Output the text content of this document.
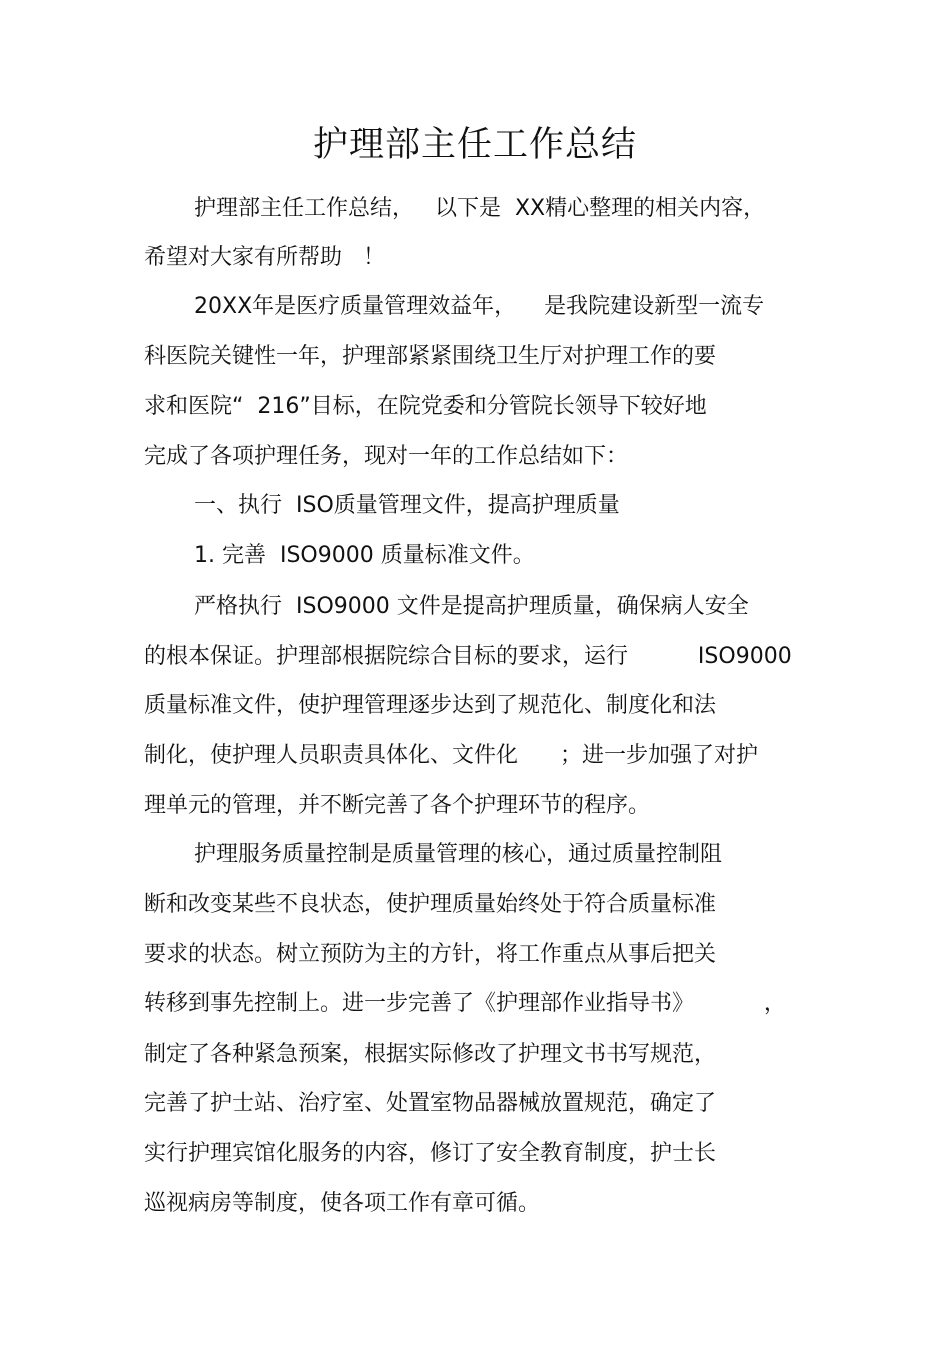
护理部主任工作总结
护理部主任工作总结，   以下是  XX精心整理的相关内容，
希望对大家有所帮助   ！
20XX年是医疗质量管理效益年，    是我院建设新型一流专
科医院关键性一年，护理部紧紧围绕卫生厅对护理工作的要
求和医院“  216”目标，在院党委和分管院长领导下较好地
完成了各项护理任务，现对一年的工作总结如下：
一、执行  ISO质量管理文件，提高护理质量
1. 完善  ISO9000 质量标准文件。
严格执行  ISO9000 文件是提高护理质量，确保病人安全
的根本保证。护理部根据院综合目标的要求，运行          ISO9000
质量标准文件，使护理管理逐步达到了规范化、制度化和法
制化，使护理人员职责具体化、文件化      ；进一步加强了对护
理单元的管理，并不断完善了各个护理环节的程序。
护理服务质量控制是质量管理的核心，通过质量控制阻
断和改变某些不良状态，使护理质量始终处于符合质量标准
要求的状态。树立预防为主的方针，将工作重点从事后把关
转移到事先控制上。进一步完善了《护理部作业指导书》          ，
制定了各种紧急预案，根据实际修改了护理文书书写规范，
完善了护士站、治疗室、处置室物品器械放置规范，确定了
实行护理宾馆化服务的内容，修订了安全教育制度，护士长
巡视病房等制度，使各项工作有章可循。
